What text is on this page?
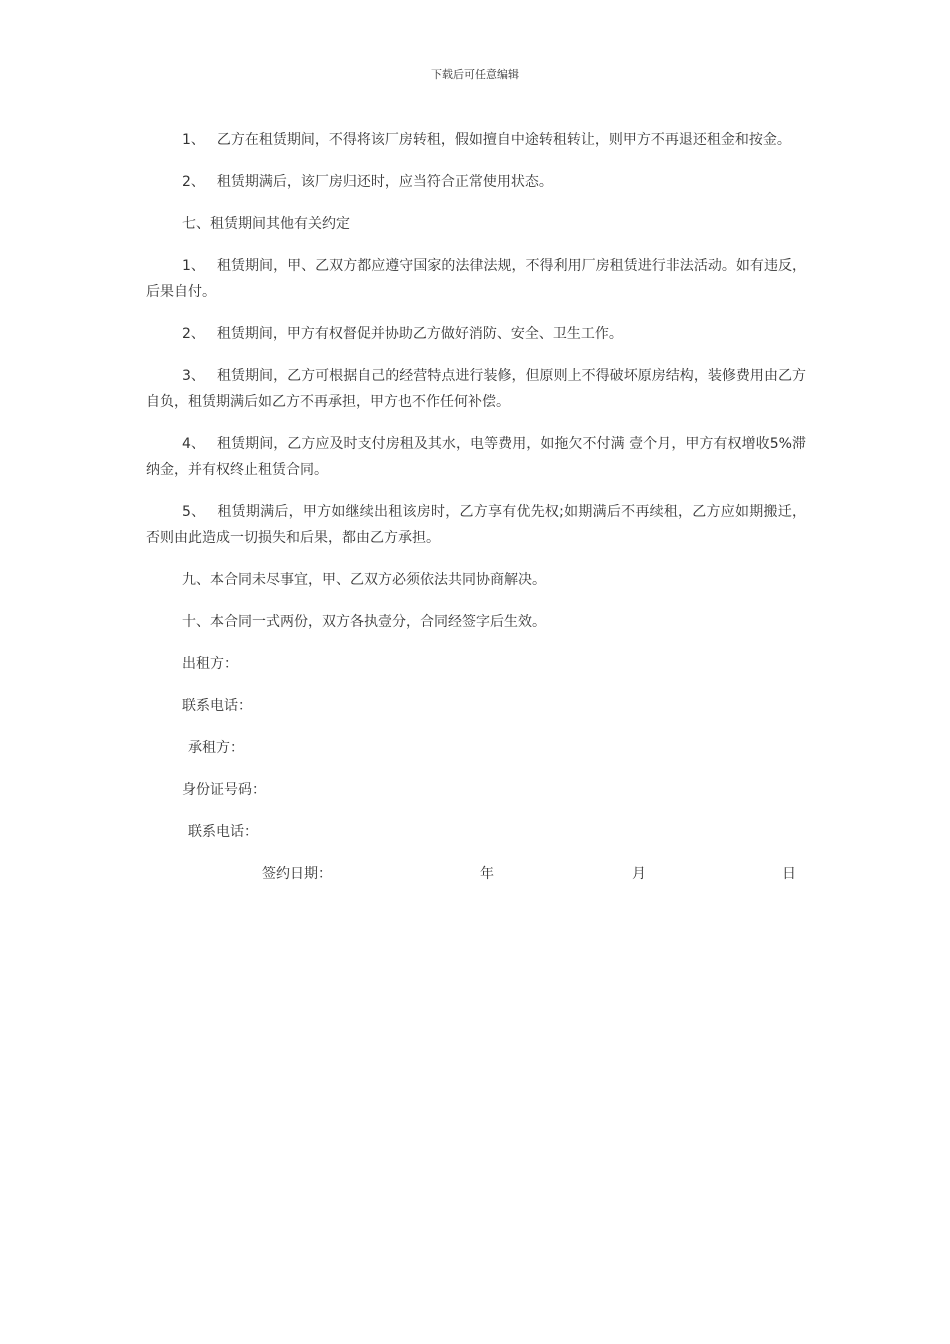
下载后可任意编辑

1、 乙方在租赁期间，不得将该厂房转租，假如擅自中途转租转让，则甲方不再退还租金和按金。

2、 租赁期满后，该厂房归还时，应当符合正常使用状态。

七、租赁期间其他有关约定

1、 租赁期间，甲、乙双方都应遵守国家的法律法规，不得利用厂房租赁进行非法活动。如有违反，后果自付。

2、 租赁期间，甲方有权督促并协助乙方做好消防、安全、卫生工作。

3、 租赁期间，乙方可根据自己的经营特点进行装修，但原则上不得破坏原房结构，装修费用由乙方自负，租赁期满后如乙方不再承担，甲方也不作任何补偿。

4、 租赁期间，乙方应及时支付房租及其水，电等费用，如拖欠不付满 壹个月，甲方有权增收5%滞纳金，并有权终止租赁合同。

5、 租赁期满后，甲方如继续出租该房时，乙方享有优先权;如期满后不再续租，乙方应如期搬迁，否则由此造成一切损失和后果，都由乙方承担。

九、本合同未尽事宜，甲、乙双方必须依法共同协商解决。

十、本合同一式两份，双方各执壹分，合同经签字后生效。

出租方：

联系电话：

承租方：

身份证号码：

联系电话：

签约日期：	年	月	日
